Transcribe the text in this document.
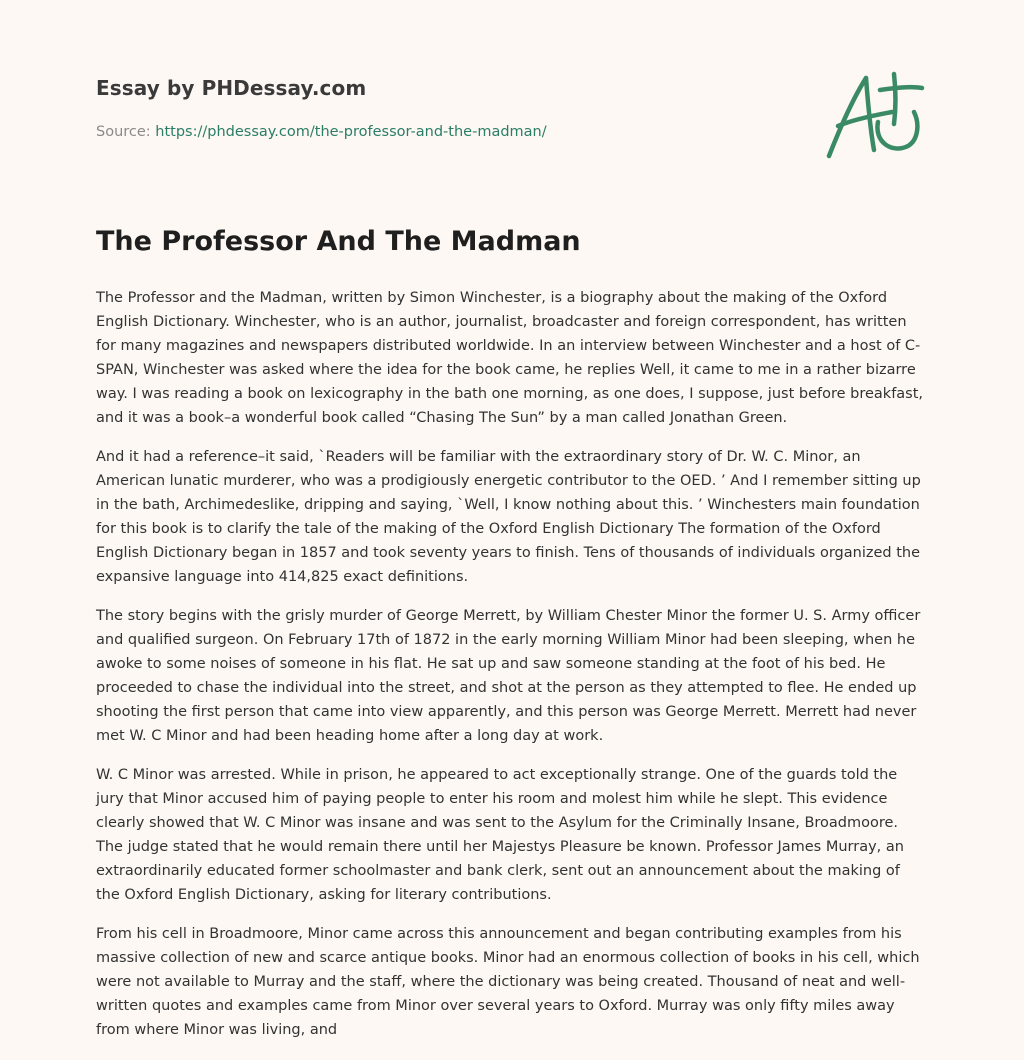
Essay by PHDessay.com
Source: https://phdessay.com/the-professor-and-the-madman/
The Professor And The Madman

The Professor and the Madman, written by Simon Winchester, is a biography about the making of the Oxford English Dictionary. Winchester, who is an author, journalist, broadcaster and foreign correspondent, has written for many magazines and newspapers distributed worldwide. In an interview between Winchester and a host of C-SPAN, Winchester was asked where the idea for the book came, he replies Well, it came to me in a rather bizarre way. I was reading a book on lexicography in the bath one morning, as one does, I suppose, just before breakfast, and it was a book–a wonderful book called “Chasing The Sun” by a man called Jonathan Green.

And it had a reference–it said, `Readers will be familiar with the extraordinary story of Dr. W. C. Minor, an American lunatic murderer, who was a prodigiously energetic contributor to the OED. ’ And I remember sitting up in the bath, Archimedeslike, dripping and saying, `Well, I know nothing about this. ’ Winchesters main foundation for this book is to clarify the tale of the making of the Oxford English Dictionary The formation of the Oxford English Dictionary began in 1857 and took seventy years to finish. Tens of thousands of individuals organized the expansive language into 414,825 exact definitions.

The story begins with the grisly murder of George Merrett, by William Chester Minor the former U. S. Army officer and qualified surgeon. On February 17th of 1872 in the early morning William Minor had been sleeping, when he awoke to some noises of someone in his flat. He sat up and saw someone standing at the foot of his bed. He proceeded to chase the individual into the street, and shot at the person as they attempted to flee. He ended up shooting the first person that came into view apparently, and this person was George Merrett. Merrett had never met W. C Minor and had been heading home after a long day at work.

W. C Minor was arrested. While in prison, he appeared to act exceptionally strange. One of the guards told the jury that Minor accused him of paying people to enter his room and molest him while he slept. This evidence clearly showed that W. C Minor was insane and was sent to the Asylum for the Criminally Insane, Broadmoore. The judge stated that he would remain there until her Majestys Pleasure be known. Professor James Murray, an extraordinarily educated former schoolmaster and bank clerk, sent out an announcement about the making of the Oxford English Dictionary, asking for literary contributions.

From his cell in Broadmoore, Minor came across this announcement and began contributing examples from his massive collection of new and scarce antique books. Minor had an enormous collection of books in his cell, which were not available to Murray and the staff, where the dictionary was being created. Thousand of neat and well-written quotes and examples came from Minor over several years to Oxford. Murray was only fifty miles away from where Minor was living, and
